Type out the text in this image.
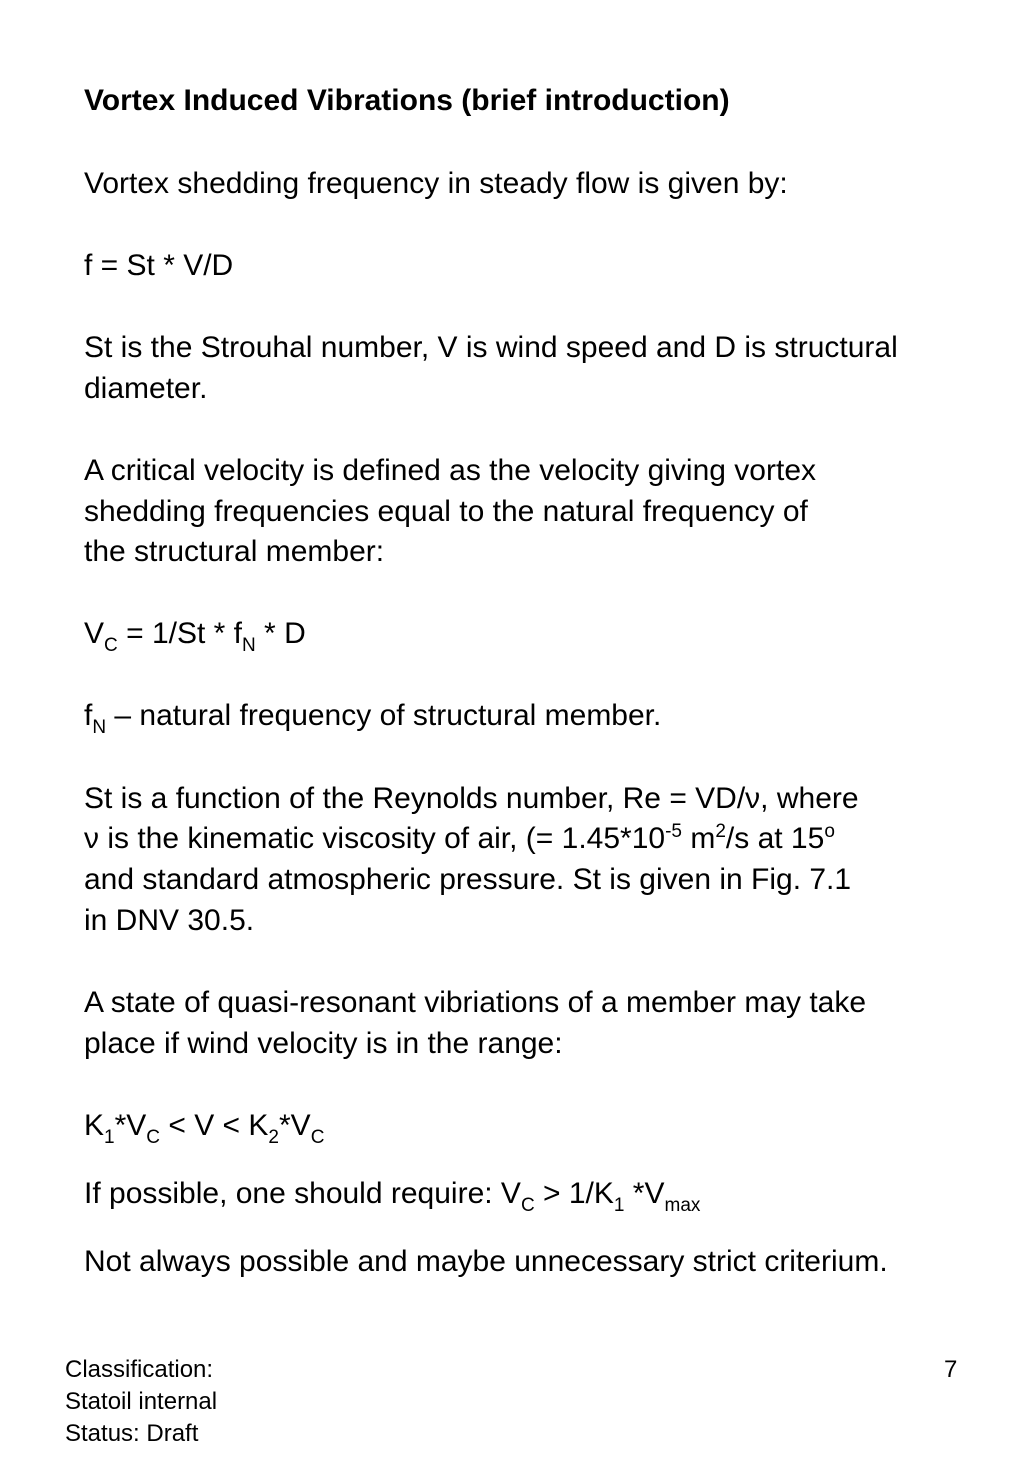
Vortex Induced Vibrations (brief introduction)

Vortex shedding frequency in steady flow is given by:

f = St * V/D

St is the Strouhal number, V is wind speed and D is structural

diameter.

A critical velocity is defined as the velocity giving vortex

shedding frequencies equal to the natural frequency of

the structural member:

$V_C = 1/St * f_N * D$

$f_N$ – natural frequency of structural member.

St is a function of the Reynolds number, Re = VD/ν, where

ν is the kinematic viscosity of air, (= $1.45*10^{-5}$ $m^2/s$ at 15$^o$

and standard atmospheric pressure. St is given in Fig. 7.1

in DNV 30.5.

A state of quasi-resonant vibriations of a member may take

place if wind velocity is in the range:

$K_1*V_C < V < K_2*V_C$

If possible, one should require: $V_C > 1/K_1$ $*V_{max}$

Not always possible and maybe unnecessary strict criterium.

Classification:
Statoil internal
Status: Draft
7
